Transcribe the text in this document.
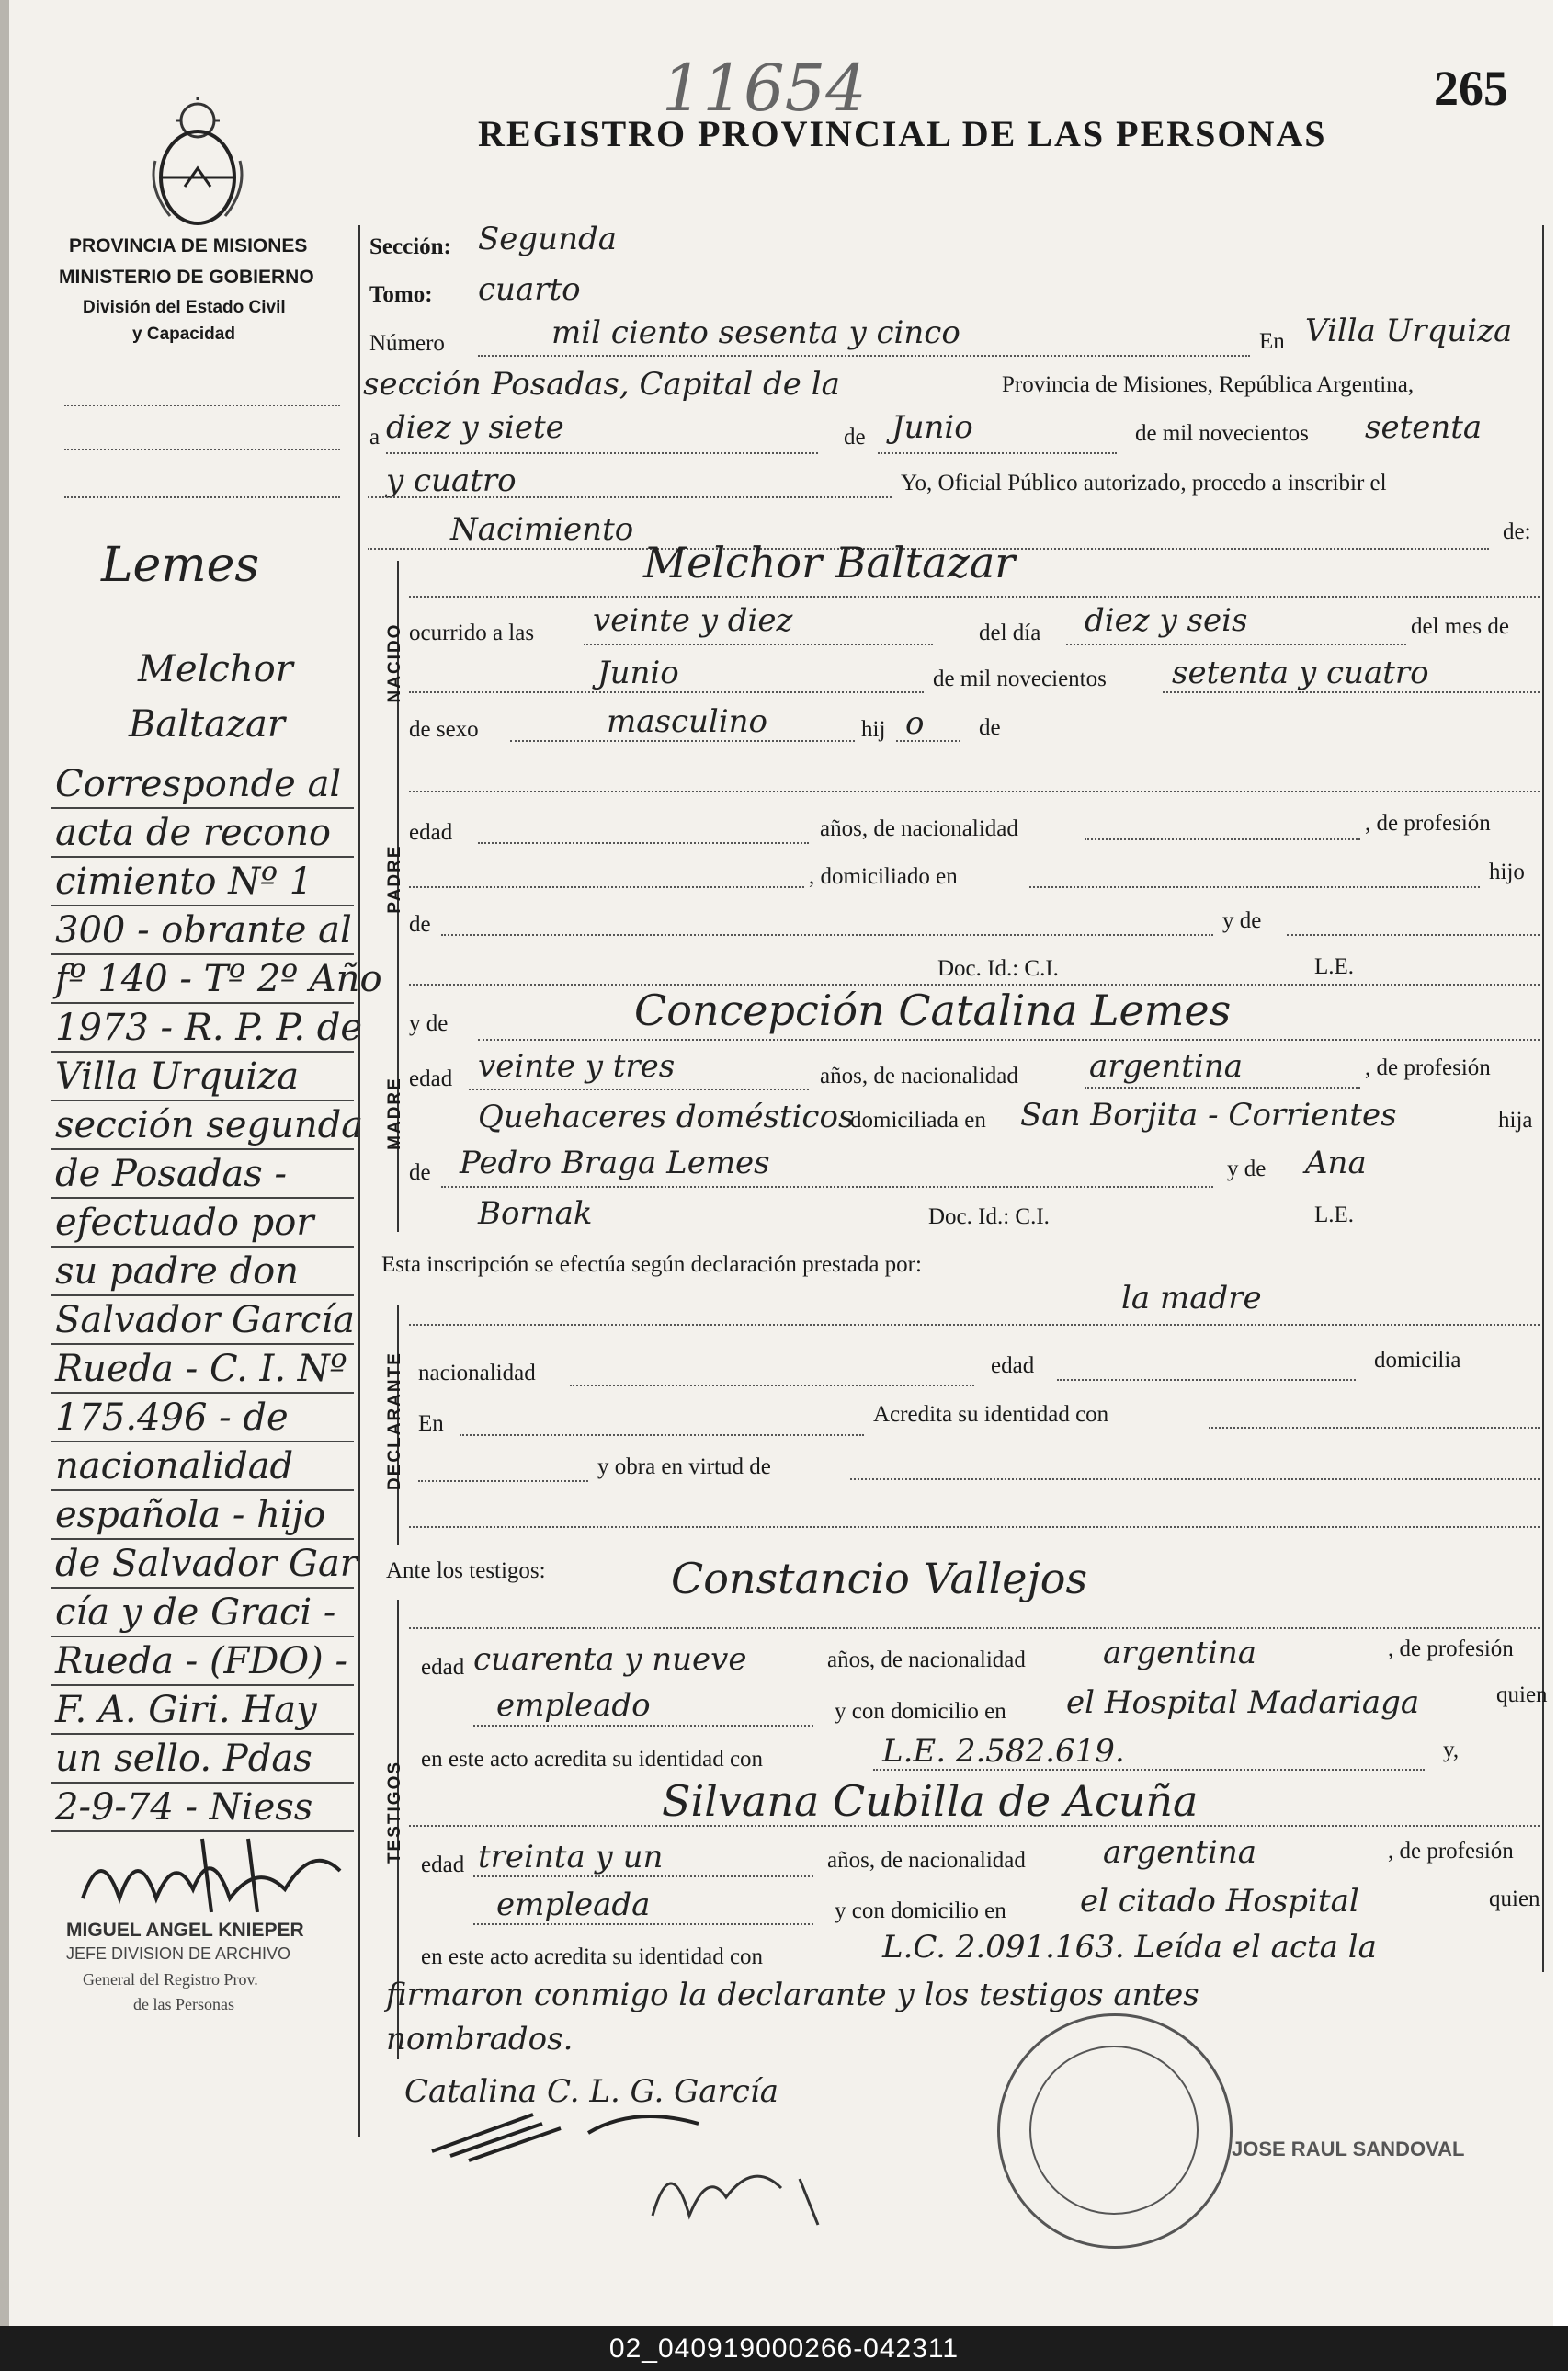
11654
REGISTRO PROVINCIAL DE LAS PERSONAS
265
PROVINCIA DE MISIONES
MINISTERIO DE GOBIERNO
División del Estado Civil
y Capacidad
Lemes
Melchor
Baltazar
Corresponde al
acta de recono
cimiento Nº 1
300 - obrante al
fº 140 - Tº 2º Año
1973 - R. P. P. de
Villa Urquiza
sección segunda
de Posadas -
efectuado por
su padre don
Salvador García
Rueda - C. I. Nº
175.496 - de
nacionalidad
española - hijo
de Salvador Gar
cía y de Graci -
Rueda - (FDO) -
F. A. Giri. Hay
un sello. Pdas
2-9-74 - Niess
MIGUEL ANGEL KNIEPER
JEFE DIVISION DE ARCHIVO
General del Registro Prov.
de las Personas
Sección: Segunda
Tomo: cuarto
Número	mil ciento sesenta y cinco	En Villa Urquiza
sección Posadas, Capital de la	Provincia de Misiones, República Argentina,
a diez y siete	de Junio	de mil novecientos setenta
y cuatro	Yo, Oficial Público autorizado, procedo a inscribir el
Nacimiento	de:
NACIDO
Melchor Baltazar
ocurrido a las veinte y diez	del día diez y seis	del mes de
Junio	de mil novecientos setenta y cuatro
de sexo	masculino	hij o de
PADRE
edad	años, de nacionalidad	, de profesión
, domiciliado en	hijo
de	y de
Doc. Id.: C.I.	L.E.
MADRE
y de	Concepción Catalina Lemes
edad veinte y tres	años, de nacionalidad argentina	, de profesión
Quehaceres domésticos
domiciliada en San Borjita - Corrientes	hija
de Pedro Braga Lemes	y de Ana
Bornak	Doc. Id.: C.I.	L.E.
Esta inscripción se efectúa según declaración prestada por:
la madre
DECLARANTE nacionalidad	edad	domicilia
En	Acredita su identidad con
y obra en virtud de
Ante los testigos:	Constancio Vallejos
TESTIGOS
edad cuarenta y nueve	años, de nacionalidad argentina	, de profesión
empleado	y con domicilio en el Hospital Madariaga	quien
en este acto acredita su identidad con	L.E. 2.582.619.	y,
Silvana Cubilla de Acuña
edad treinta y un	años, de nacionalidad argentina	, de profesión
empleada	y con domicilio en el citado Hospital	quien
en este acto acredita su identidad con	L.C. 2.091.163. Leída el acta la
firmaron conmigo la declarante y los testigos antes
nombrados.
Catalina C. L. G. García
JOSE RAUL SANDOVAL
02_040919000266-042311
